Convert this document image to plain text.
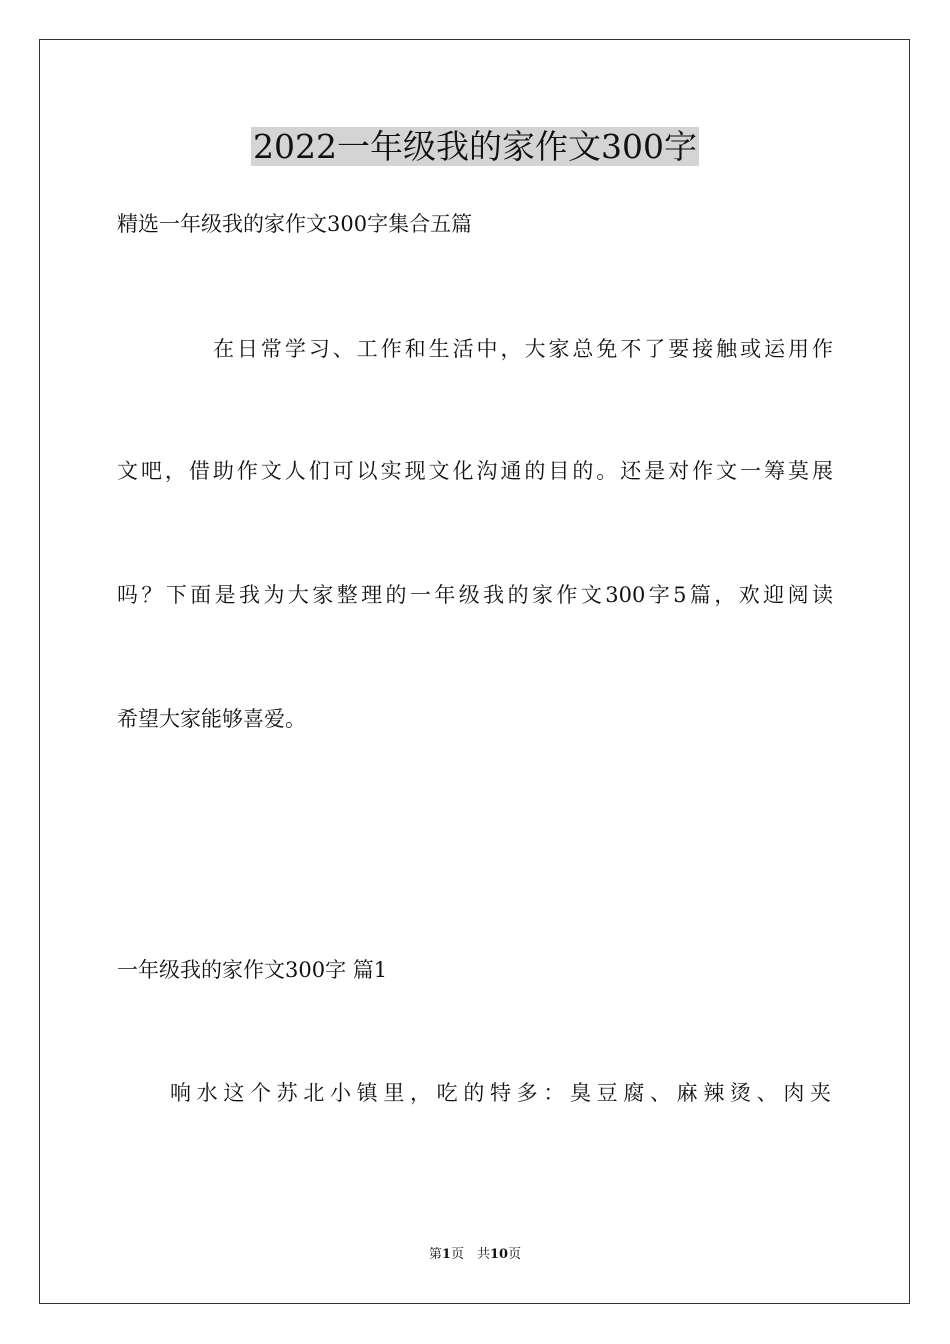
2022一年级我的家作文300字
精选一年级我的家作文300字集合五篇
在日常学习、工作和生活中，大家总免不了要接触或运用作
文吧，借助作文人们可以实现文化沟通的目的。还是对作文一筹莫展
吗？下面是我为大家整理的一年级我的家作文300字5篇，欢迎阅读
希望大家能够喜爱。
一年级我的家作文300字 篇1
响水这个苏北小镇里，吃的特多：臭豆腐、麻辣烫、肉夹
第1页　共10页
